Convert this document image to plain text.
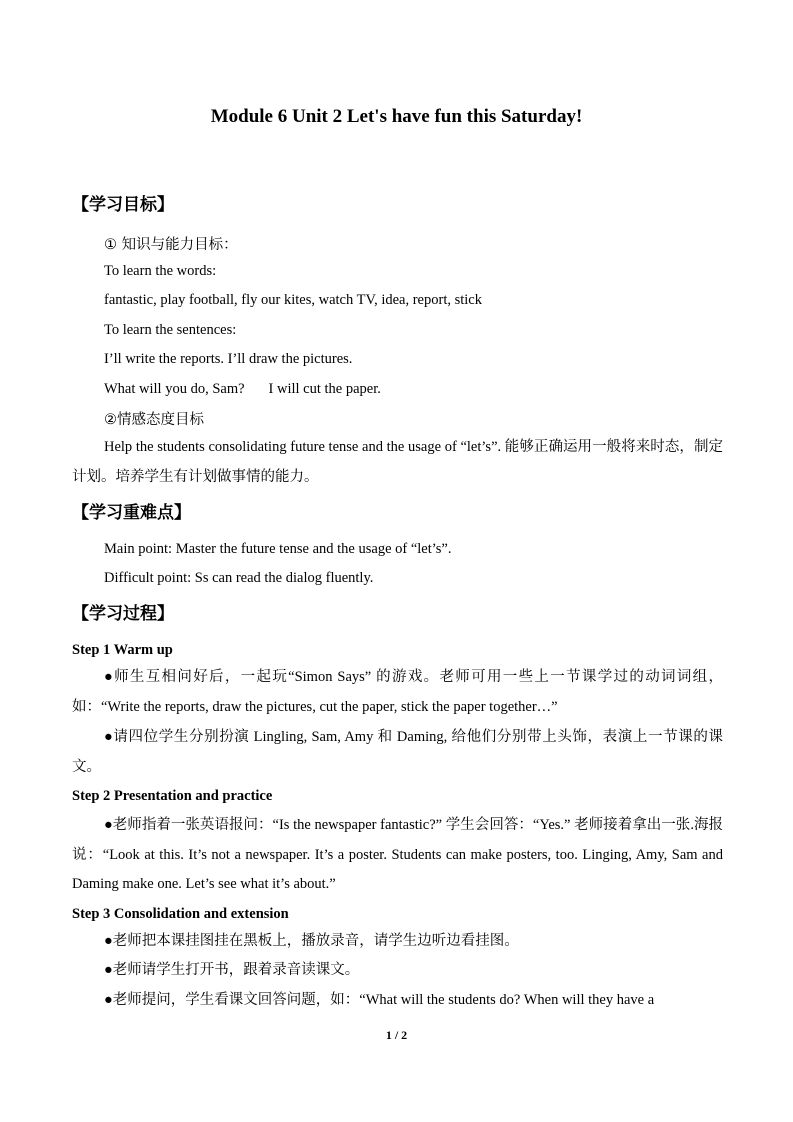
Module 6 Unit 2 Let's have fun this Saturday!
【学习目标】
① 知识与能力目标：
To learn the words:
fantastic, play football, fly our kites, watch TV, idea, report, stick
To learn the sentences:
I’ll write the reports. I’ll draw the pictures.
What will you do, Sam? I will cut the paper.
②情感态度目标
Help the students consolidating future tense and the usage of “let’s”. 能够正确运用一般将来时态，制定计划。培养学生有计划做事情的能力。
【学习重难点】
Main point: Master the future tense and the usage of “let’s”.
Difficult point: Ss can read the dialog fluently.
【学习过程】
Step 1 Warm up
●师生互相问好后，一起玩“Simon Says” 的游戏。老师可用一些上一节课学过的动词词组，如：“Write the reports, draw the pictures, cut the paper, stick the paper together…”
●请四位学生分别扮演 Lingling, Sam, Amy 和 Daming, 给他们分别带上头饰，表演上一节课的课文。
Step 2 Presentation and practice
●老师指着一张英语报问：“Is the newspaper fantastic?” 学生会回答：“Yes.” 老师接着拿出一张.海报说：“Look at this. It’s not a newspaper. It’s a poster. Students can make posters, too. Linging, Amy, Sam and Daming make one. Let’s see what it’s about.”
Step 3 Consolidation and extension
●老师把本课挂图挂在黑板上，播放录音，请学生边听边看挂图。
●老师请学生打开书，跟着录音读课文。
●老师提问，学生看课文回答问题，如：“What will the students do? When will they have a
1 / 2
